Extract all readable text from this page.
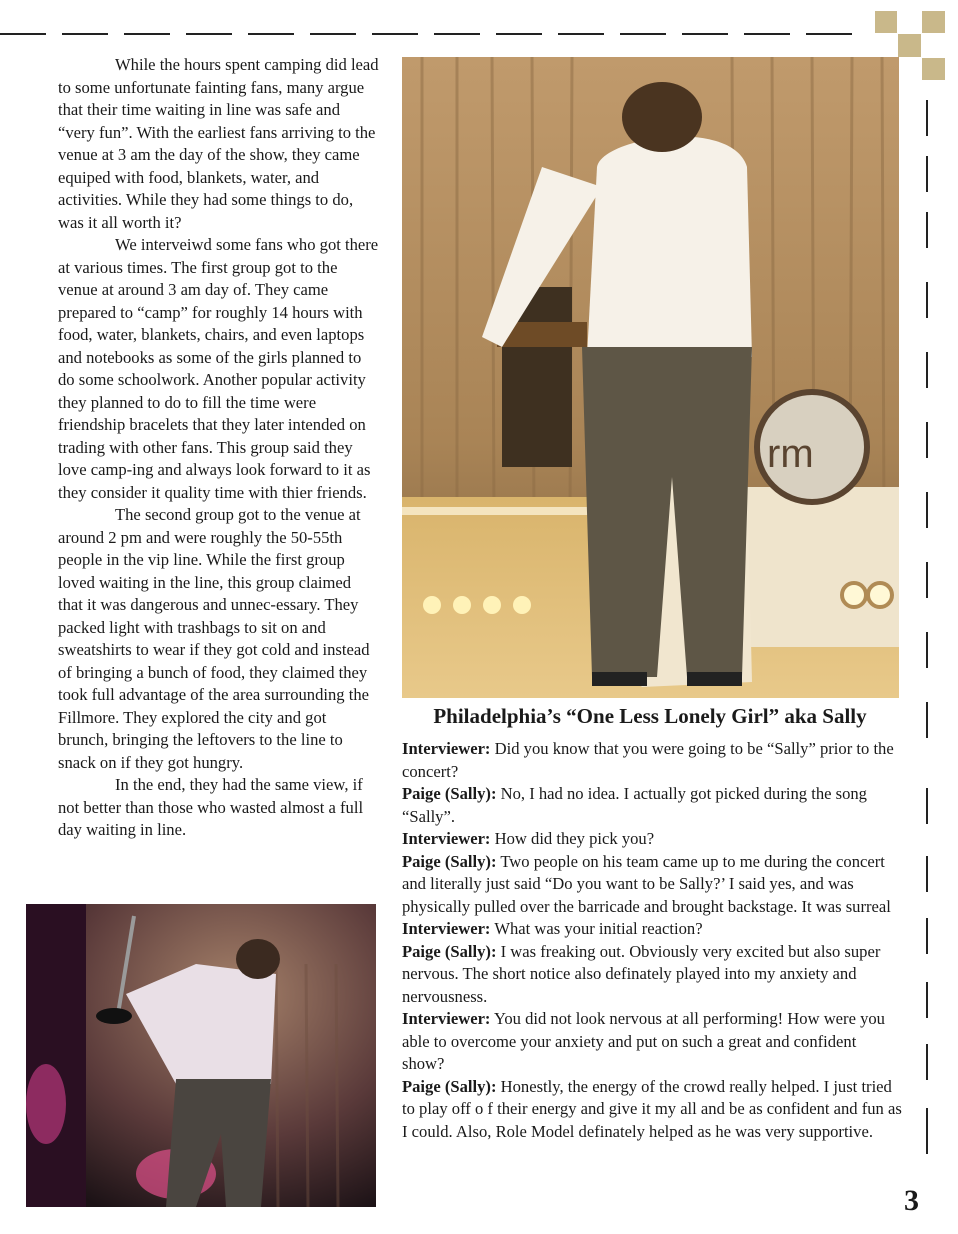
While the hours spent camping did lead to some unfortunate fainting fans, many argue that their time waiting in line was safe and “very fun”. With the earliest fans arriving to the venue at 3 am the day of the show, they came equiped with food, blankets, water, and activities. While they had some things to do, was it all worth it?

We interveiwd some fans who got there at various times. The first group got to the venue at around 3 am day of. They came prepared to “camp” for roughly 14 hours with food, water, blankets, chairs, and even laptops and notebooks as some of the girls planned to do some schoolwork. Another popular activity they planned to do to fill the time were friendship bracelets that they later intended on trading with other fans. This group said they love camp-ing and always look forward to it as they consider it quality time with thier friends.

The second group got to the venue at around 2 pm and were roughly the 50-55th people in the vip line. While the first group loved waiting in the line, this group claimed that it was dangerous and unnec-essary. They packed light with trashbags to sit on and sweatshirts to wear if they got cold and instead of bringing a bunch of food, they claimed they took full advantage of the area surrounding the Fillmore. They explored the city and got brunch, bringing the leftovers to the line to snack on if they got hungry.

In the end, they had the same view, if not better than those who wasted almost a full day waiting in line.

rm
Philadelphia’s “One Less Lonely Girl” aka Sally

Interviewer: Did you know that you were going to be “Sally” prior to the concert?

Paige (Sally): No, I had no idea. I actually got picked during the song “Sally”.

Interviewer: How did they pick you?

Paige (Sally): Two people on his team came up to me during the concert and literally just said “Do you want to be Sally?’ I said yes, and was physically pulled over the barricade and brought backstage. It was surreal

Interviewer: What was your initial reaction?

Paige (Sally): I was freaking out. Obviously very excited but also super nervous. The short notice also definately played into my anxiety and nervousness.

Interviewer: You did not look nervous at all performing! How were you able to overcome your anxiety and put on such a great and confident show?

Paige (Sally): Honestly, the energy of the crowd really helped. I just tried to play off o f their energy and give it my all and be as confident and fun as I could. Also, Role Model definately helped as he was very supportive.

3
